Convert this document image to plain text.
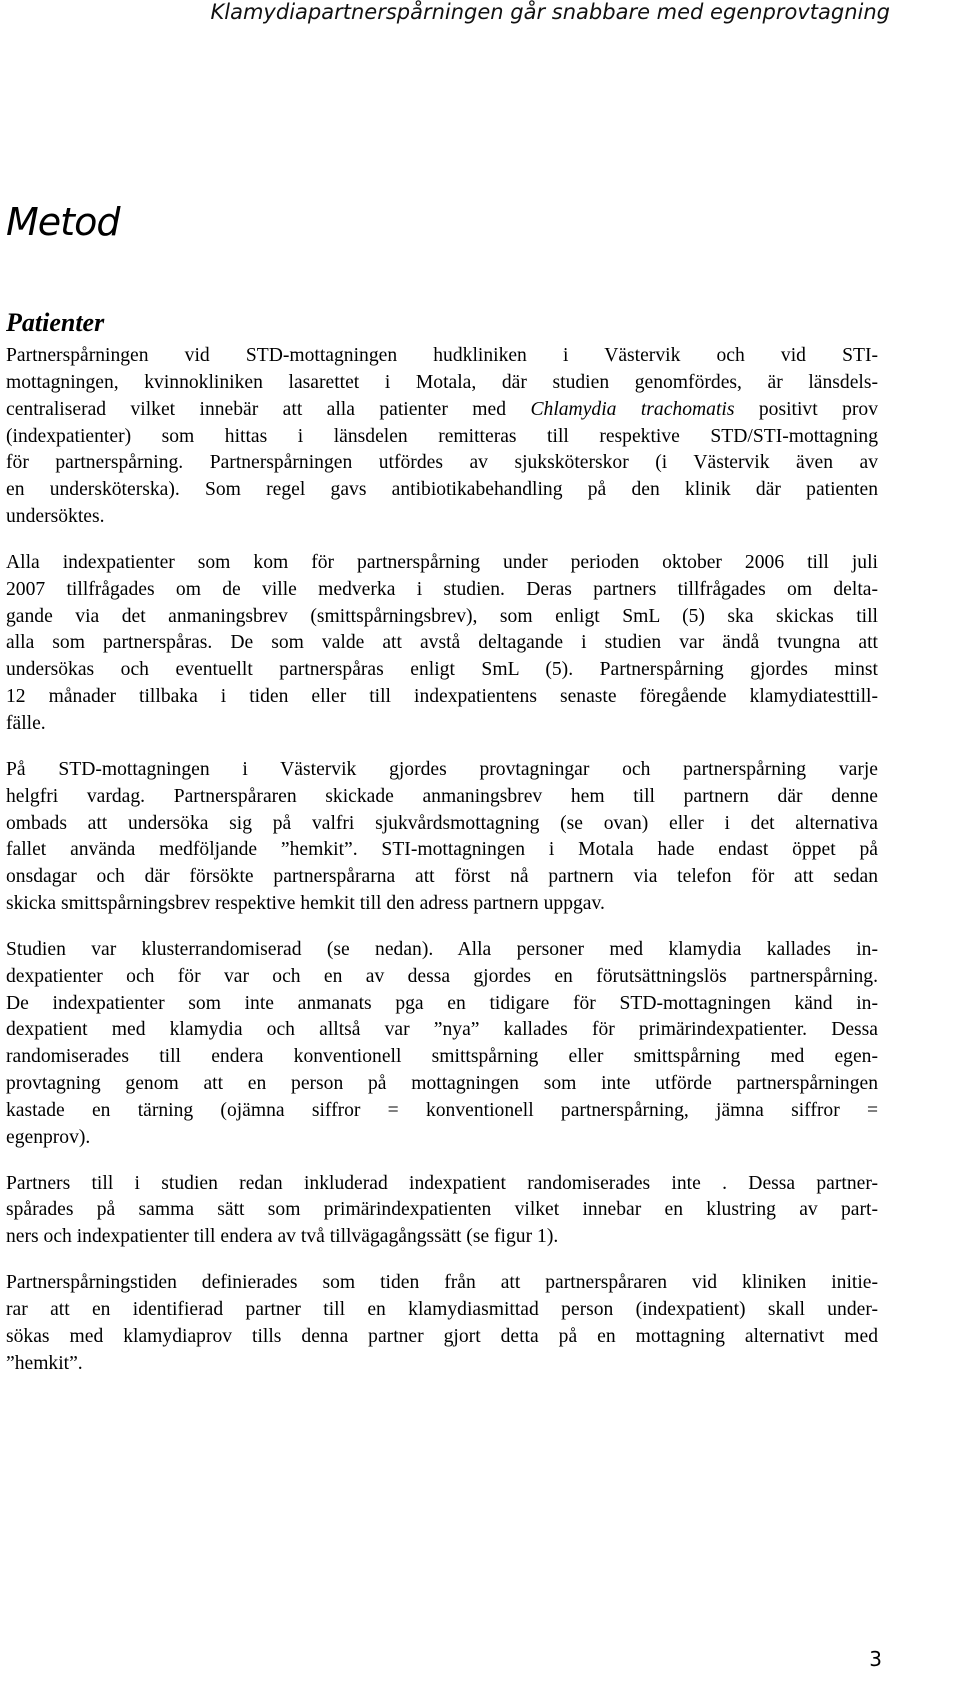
Klamydiapartnerspårningen går snabbare med egenprovtagning
Metod
Patienter

Partnerspårningen vid STD-mottagningen hudkliniken i Västervik och vid STI-
mottagningen, kvinnokliniken lasarettet i Motala, där studien genomfördes, är länsdels-
centraliserad vilket innebär att alla patienter med Chlamydia trachomatis positivt prov
(indexpatienter) som hittas i länsdelen remitteras till respektive STD/STI-mottagning
för partnerspårning. Partnerspårningen utfördes av sjuksköterskor (i Västervik även av
en undersköterska). Som regel gavs antibiotikabehandling på den klinik där patienten
undersöktes.

Alla indexpatienter som kom för partnerspårning under perioden oktober 2006 till juli
2007 tillfrågades om de ville medverka i studien. Deras partners tillfrågades om delta-
gande via det anmaningsbrev (smittspårningsbrev), som enligt SmL (5) ska skickas till
alla som partnerspåras. De som valde att avstå deltagande i studien var ändå tvungna att
undersökas och eventuellt partnerspåras enligt SmL (5). Partnerspårning gjordes minst
12 månader tillbaka i tiden eller till indexpatientens senaste föregående klamydiatesttill-
fälle.

På STD-mottagningen i Västervik gjordes provtagningar och partnerspårning varje
helgfri vardag. Partnerspåraren skickade anmaningsbrev hem till partnern där denne
ombads att undersöka sig på valfri sjukvårdsmottagning (se ovan) eller i det alternativa
fallet använda medföljande ”hemkit”. STI-mottagningen i Motala hade endast öppet på
onsdagar och där försökte partnerspårarna att först nå partnern via telefon för att sedan
skicka smittspårningsbrev respektive hemkit till den adress partnern uppgav.

Studien var klusterrandomiserad (se nedan). Alla personer med klamydia kallades in-
dexpatienter och för var och en av dessa gjordes en förutsättningslös partnerspårning.
De indexpatienter som inte anmanats pga en tidigare för STD-mottagningen känd in-
dexpatient med klamydia och alltså var ”nya” kallades för primärindexpatienter. Dessa
randomiserades till endera konventionell smittspårning eller smittspårning med egen-
provtagning genom att en person på mottagningen som inte utförde partnerspårningen
kastade en tärning (ojämna siffror = konventionell partnerspårning, jämna siffror =
egenprov).

Partners till i studien redan inkluderad indexpatient randomiserades inte . Dessa partner-
spårades på samma sätt som primärindexpatienten vilket innebar en klustring av part-
ners och indexpatienter till endera av två tillvägagångssätt (se figur 1).

Partnerspårningstiden definierades som tiden från att partnerspåraren vid kliniken initie-
rar att en identifierad partner till en klamydiasmittad person (indexpatient) skall under-
sökas med klamydiaprov tills denna partner gjort detta på en mottagning alternativt med
”hemkit”.

3
